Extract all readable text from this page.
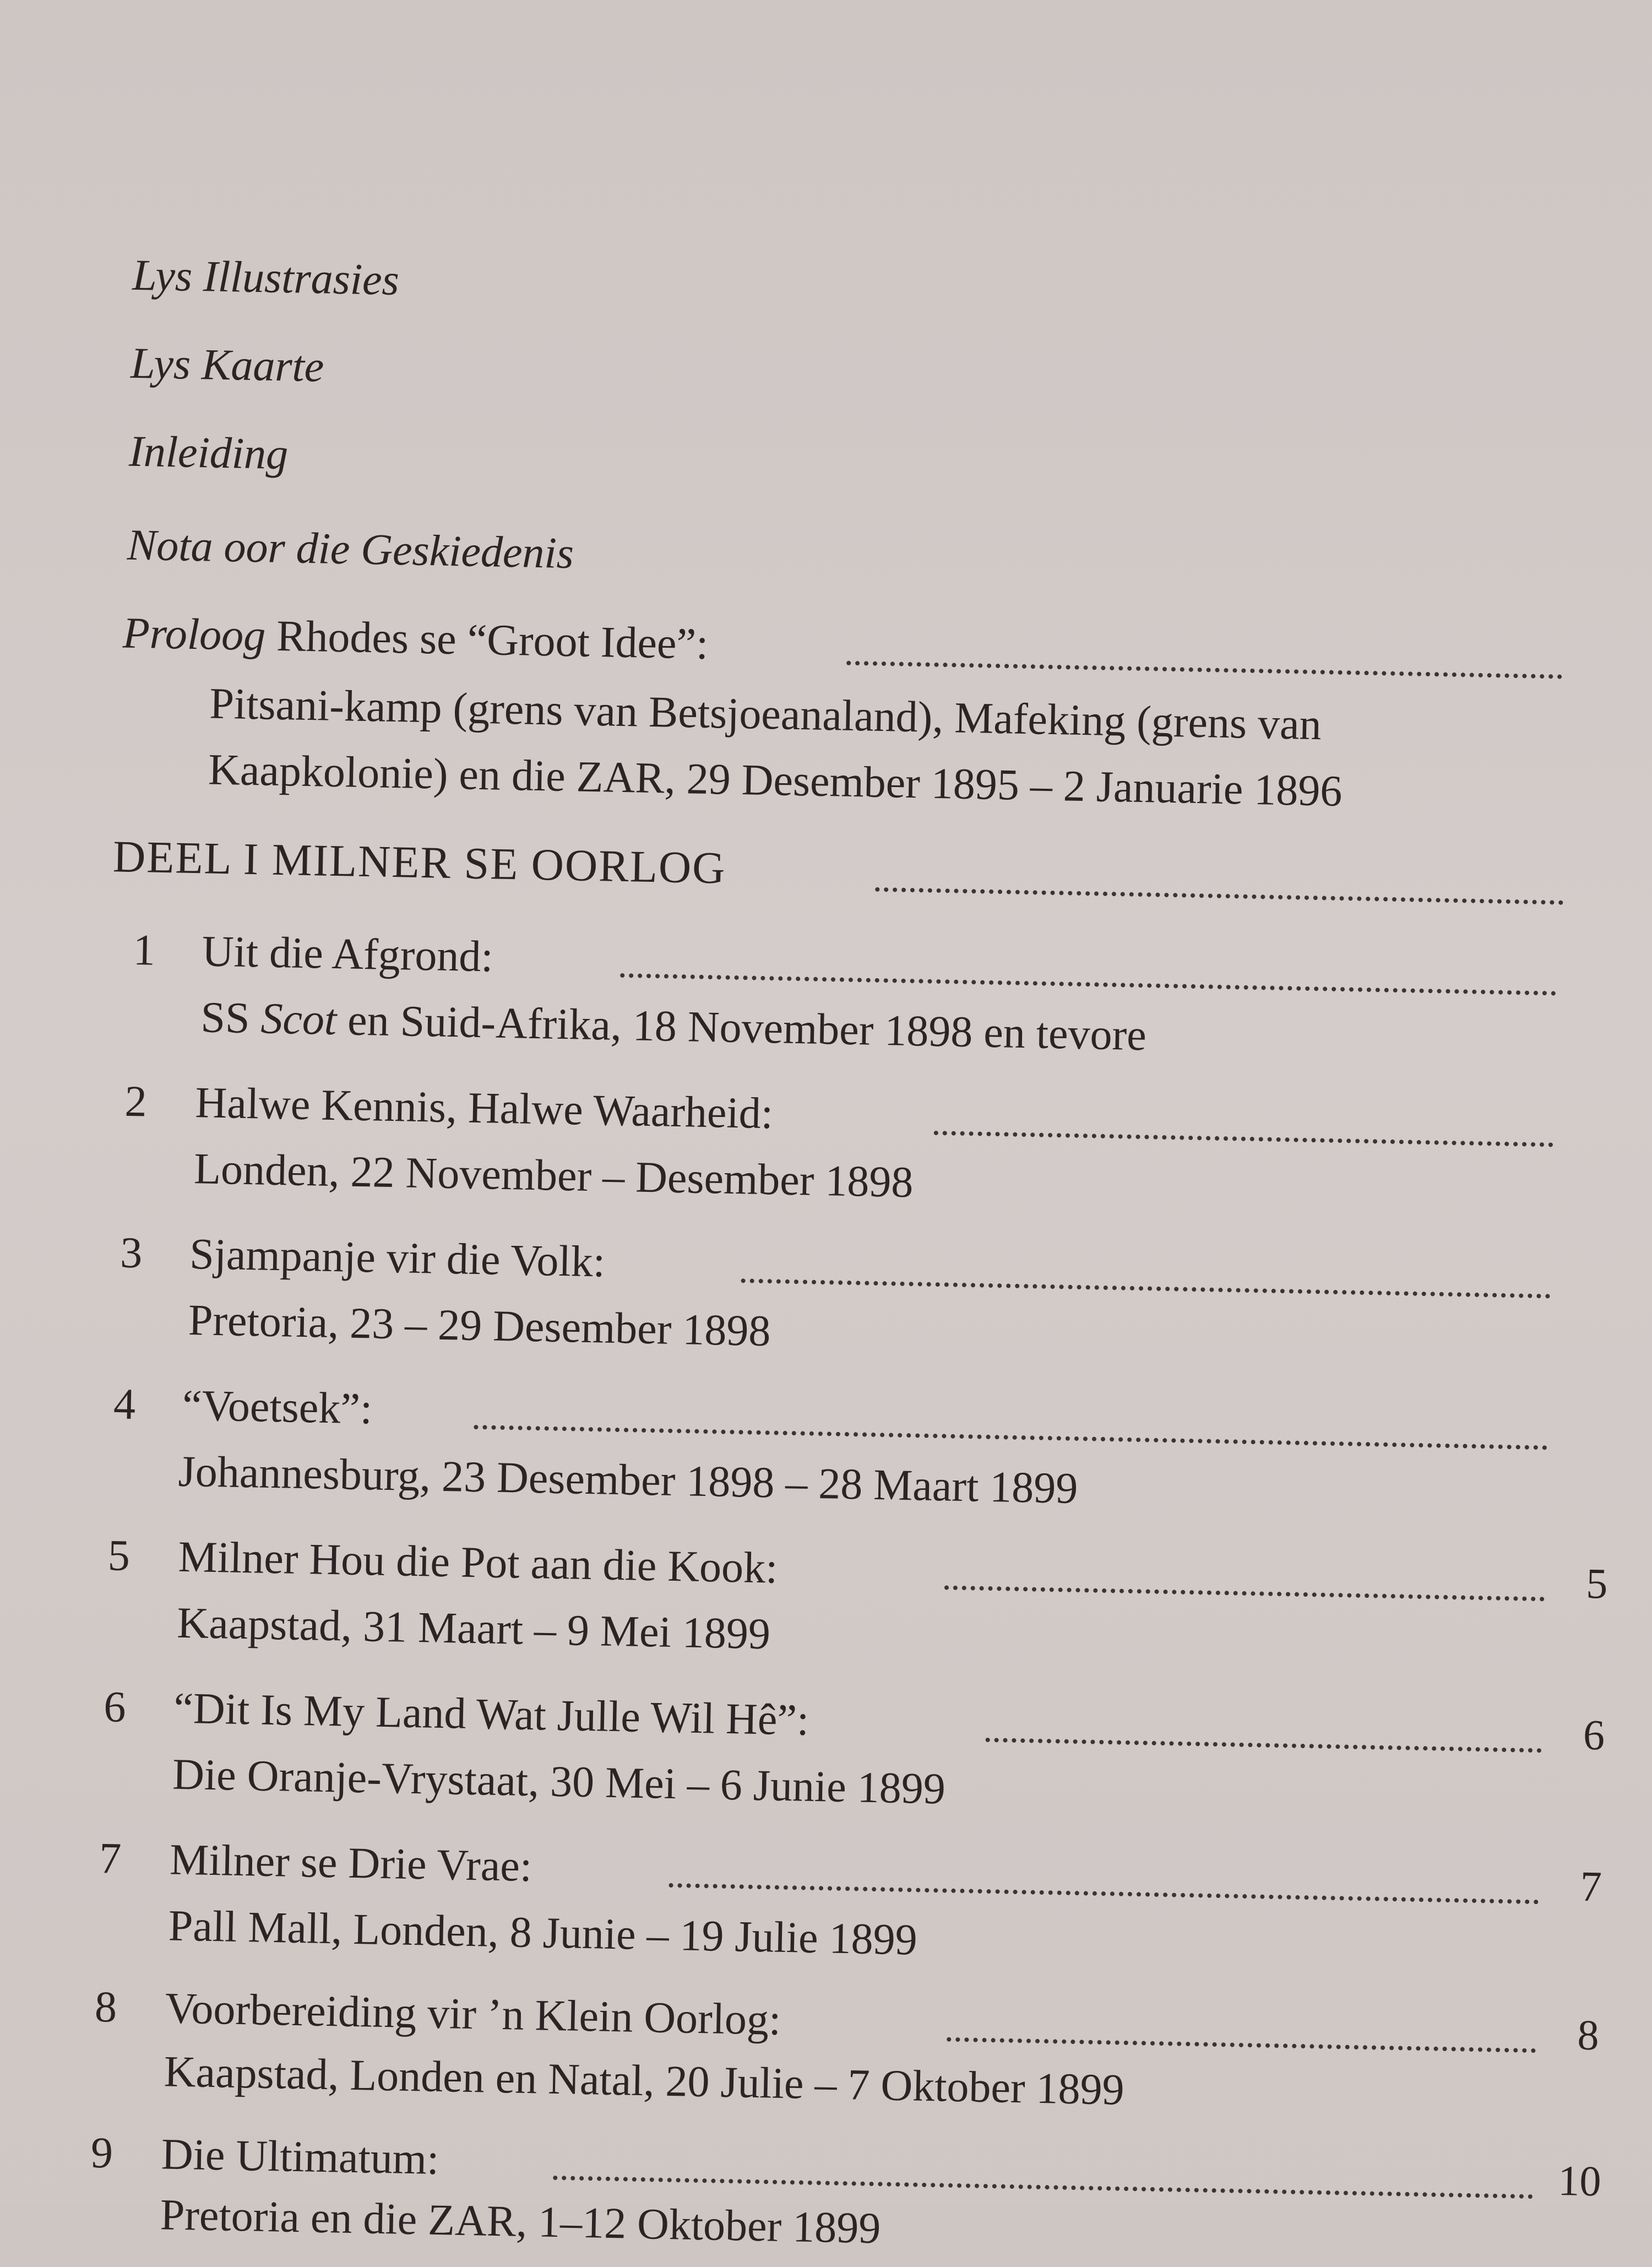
Lys Illustrasies
Lys Kaarte
Inleiding
Nota oor die Geskiedenis
Proloog Rhodes se “Groot Idee”:
Pitsani-kamp (grens van Betsjoeanaland), Mafeking (grens van
Kaapkolonie) en die ZAR, 29 Desember 1895 – 2 Januarie 1896
DEEL I MILNER SE OORLOG
1 Uit die Afgrond:
SS Scot en Suid-Afrika, 18 November 1898 en tevore
2 Halwe Kennis, Halwe Waarheid:
Londen, 22 November – Desember 1898
3 Sjampanje vir die Volk:
Pretoria, 23 – 29 Desember 1898
4 “Voetsek”:
Johannesburg, 23 Desember 1898 – 28 Maart 1899
5 Milner Hou die Pot aan die Kook:	5
Kaapstad, 31 Maart – 9 Mei 1899
6 “Dit Is My Land Wat Julle Wil Hê”:	6
Die Oranje-Vrystaat, 30 Mei – 6 Junie 1899
7 Milner se Drie Vrae:	7
Pall Mall, Londen, 8 Junie – 19 Julie 1899
8 Voorbereiding vir ’n Klein Oorlog:	8
Kaapstad, Londen en Natal, 20 Julie – 7 Oktober 1899
9 Die Ultimatum:	10
Pretoria en die ZAR, 1–12 Oktober 1899
